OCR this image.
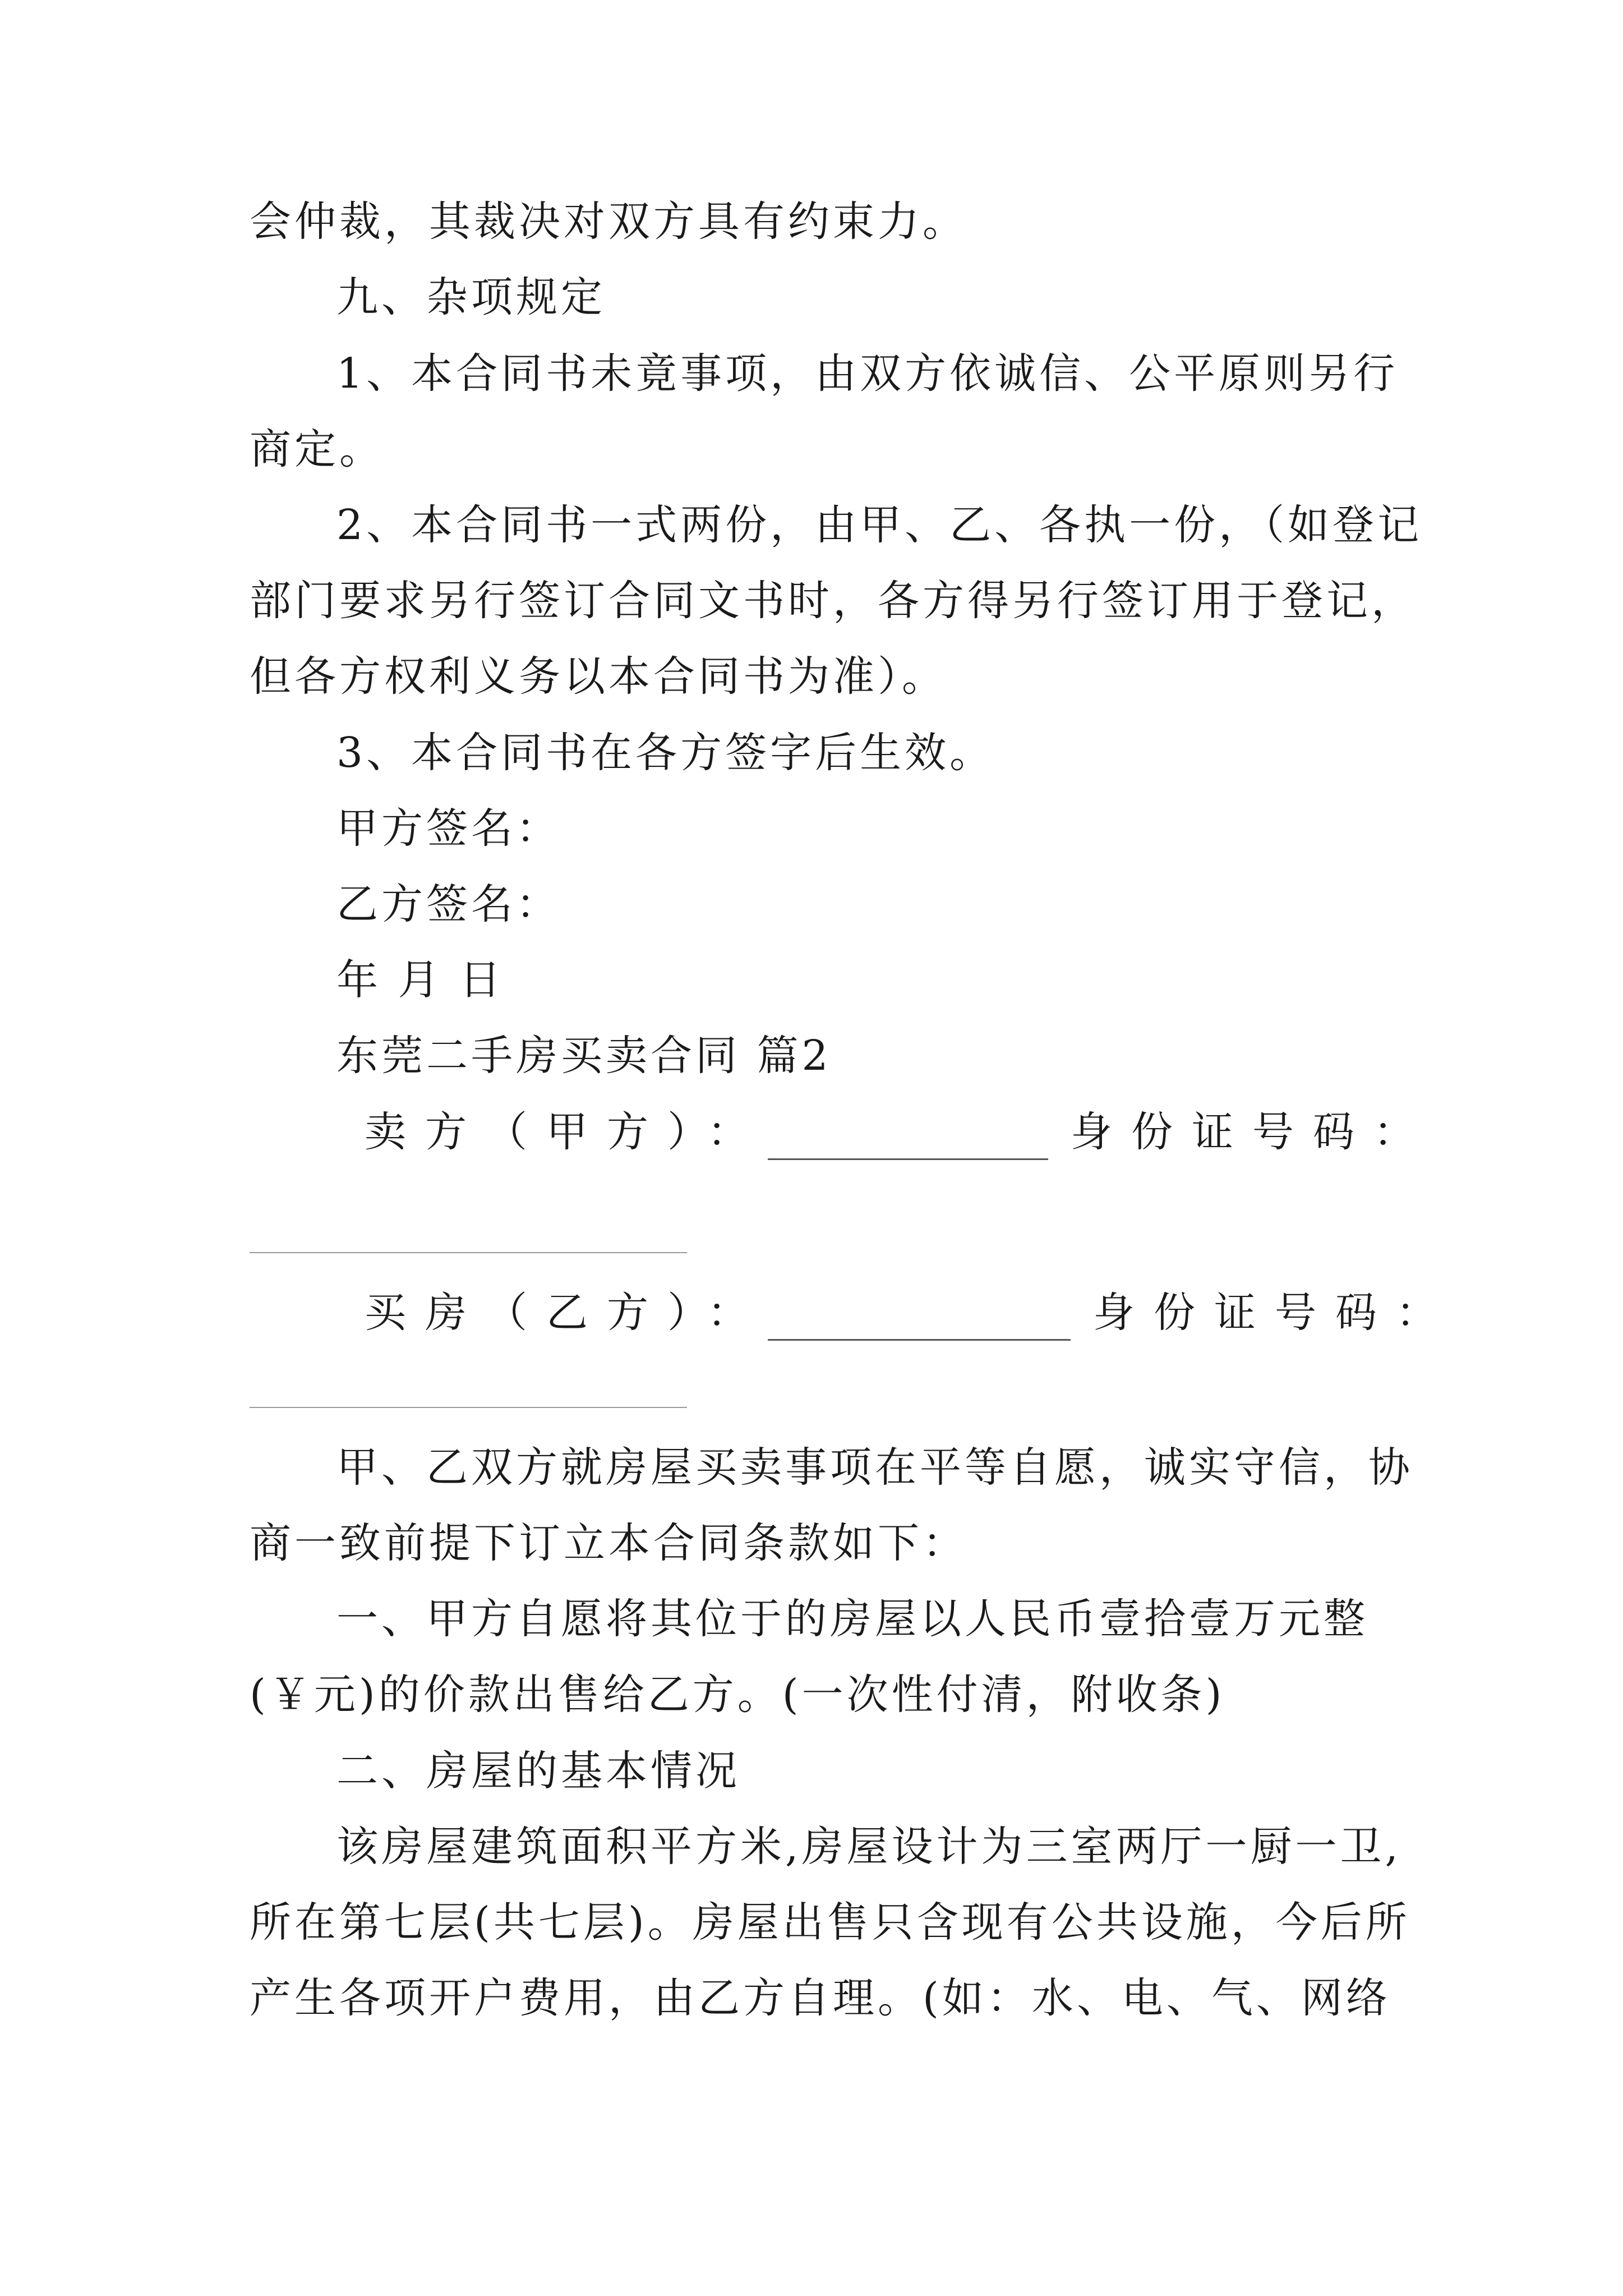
会仲裁，其裁决对双方具有约束力。
九、杂项规定
1、本合同书未竟事项，由双方依诚信、公平原则另行
商定。
2、本合同书一式两份，由甲、乙、各执一份，（如登记
部门要求另行签订合同文书时，各方得另行签订用于登记，
但各方权利义务以本合同书为准）。
3、本合同书在各方签字后生效。
甲方签名：
乙方签名：
年 月 日
东莞二手房买卖合同 篇2
卖方（甲方）：	身份证号码：
买房（乙方）：	身份证号码：
甲、乙双方就房屋买卖事项在平等自愿，诚实守信，协
商一致前提下订立本合同条款如下：
一、甲方自愿将其位于的房屋以人民币壹拾壹万元整
(￥元)的价款出售给乙方。(一次性付清，附收条)
二、房屋的基本情况
该房屋建筑面积平方米,房屋设计为三室两厅一厨一卫,
所在第七层(共七层)。房屋出售只含现有公共设施，今后所
产生各项开户费用，由乙方自理。(如：水、电、气、网络
